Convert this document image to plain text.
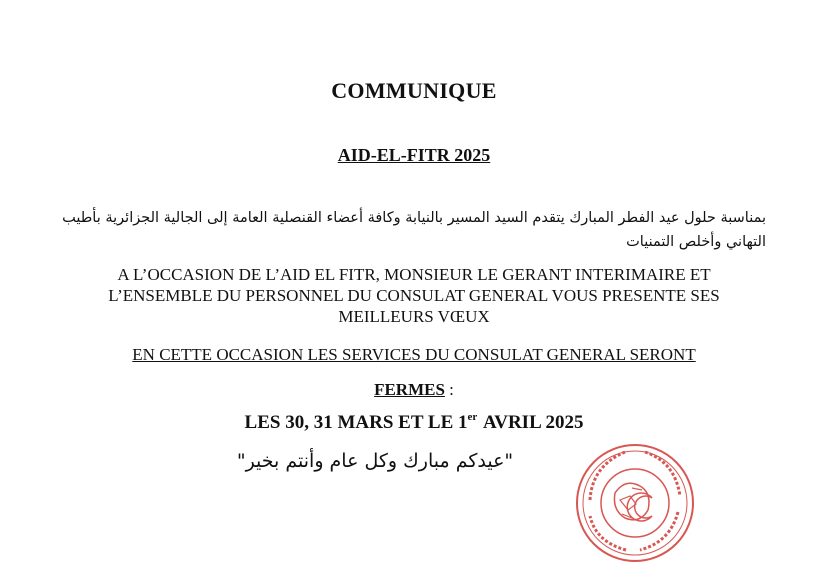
COMMUNIQUE
AID-EL-FITR 2025
بمناسبة حلول عيد الفطر المبارك يتقدم السيد المسير بالنيابة وكافة أعضاء القنصلية العامة إلى الجالية الجزائرية بأطيب التهاني وأخلص التمنيات
A L’OCCASION DE L’AID EL FITR, MONSIEUR LE GERANT INTERIMAIRE ET
L’ENSEMBLE DU PERSONNEL DU CONSULAT GENERAL VOUS PRESENTE SES
MEILLEURS VŒUX
EN CETTE OCCASION LES SERVICES DU CONSULAT GENERAL SERONT
FERMES :
LES 30, 31 MARS ET LE 1er AVRIL 2025
"عيدكم مبارك وكل عام وأنتم بخير"
